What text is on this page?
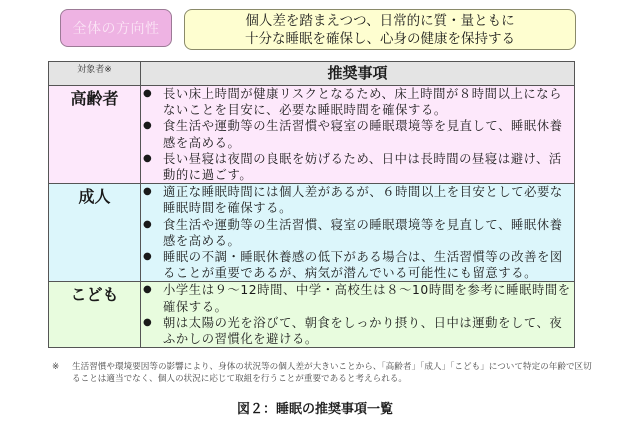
全体の方向性
個人差を踏まえつつ、日常的に質・量ともに
十分な睡眠を確保し、心身の健康を保持する
対象者※	推奨事項
高齢者	● 長い床上時間が健康リスクとなるため、床上時間が８時間以上にならないことを目安に、必要な睡眠時間を確保する。
● 食生活や運動等の生活習慣や寝室の睡眠環境等を見直して、睡眠休養感を高める。
● 長い昼寝は夜間の良眠を妨げるため、日中は長時間の昼寝は避け、活動的に過ごす。

成人	● 適正な睡眠時間には個人差があるが、６時間以上を目安として必要な睡眠時間を確保する。
● 食生活や運動等の生活習慣、寝室の睡眠環境等を見直して、睡眠休養感を高める。
● 睡眠の不調・睡眠休養感の低下がある場合は、生活習慣等の改善を図ることが重要であるが、病気が潜んでいる可能性にも留意する。

こども	● 小学生は９～12時間、中学・高校生は８～10時間を参考に睡眠時間を確保する。
● 朝は太陽の光を浴びて、朝食をしっかり摂り、日中は運動をして、夜ふかしの習慣化を避ける。
※ 生活習慣や環境要因等の影響により、身体の状況等の個人差が大きいことから、「高齢者」「成人」「こども」について特定の年齢で区切ることは適当でなく、個人の状況に応じて取組を行うことが重要であると考えられる。
図２：睡眠の推奨事項一覧
